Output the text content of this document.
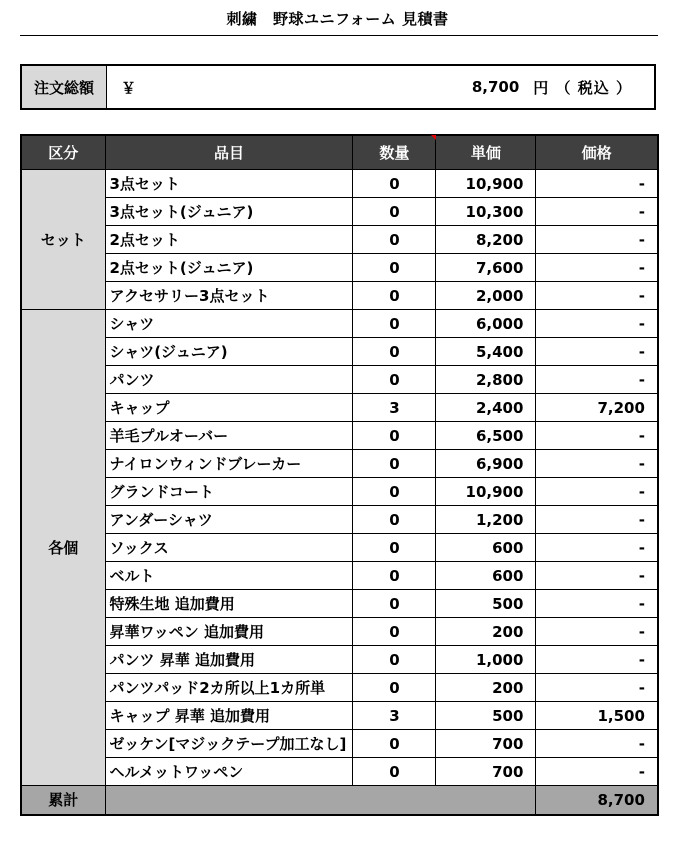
刺繍　野球ユニフォーム 見積書
注文総額	￥	8,700 円
（ 税込 ）
区分	品目	数量	単価	価格
セット	3点セット	0	10,900	-
	3点セット(ジュニア)	0	10,300	-
	2点セット	0	8,200	-
	2点セット(ジュニア)	0	7,600	-
	アクセサリー3点セット	0	2,000	-
各個	シャツ	0	6,000	-
	シャツ(ジュニア)	0	5,400	-
	パンツ	0	2,800	-
	キャップ	3	2,400	7,200
	羊毛プルオーバー	0	6,500	-
	ナイロンウィンドブレーカー	0	6,900	-
	グランドコート	0	10,900	-
	アンダーシャツ	0	1,200	-
	ソックス	0	600	-
	ベルト	0	600	-
	特殊生地 追加費用	0	500	-
	昇華ワッペン 追加費用	0	200	-
	パンツ 昇華 追加費用	0	1,000	-
	パンツパッド2カ所以上1カ所単	0	200	-
	キャップ 昇華 追加費用	3	500	1,500
	ゼッケン[マジックテープ加工なし]	0	700	-
	ヘルメットワッペン	0	700	-
累計				8,700
